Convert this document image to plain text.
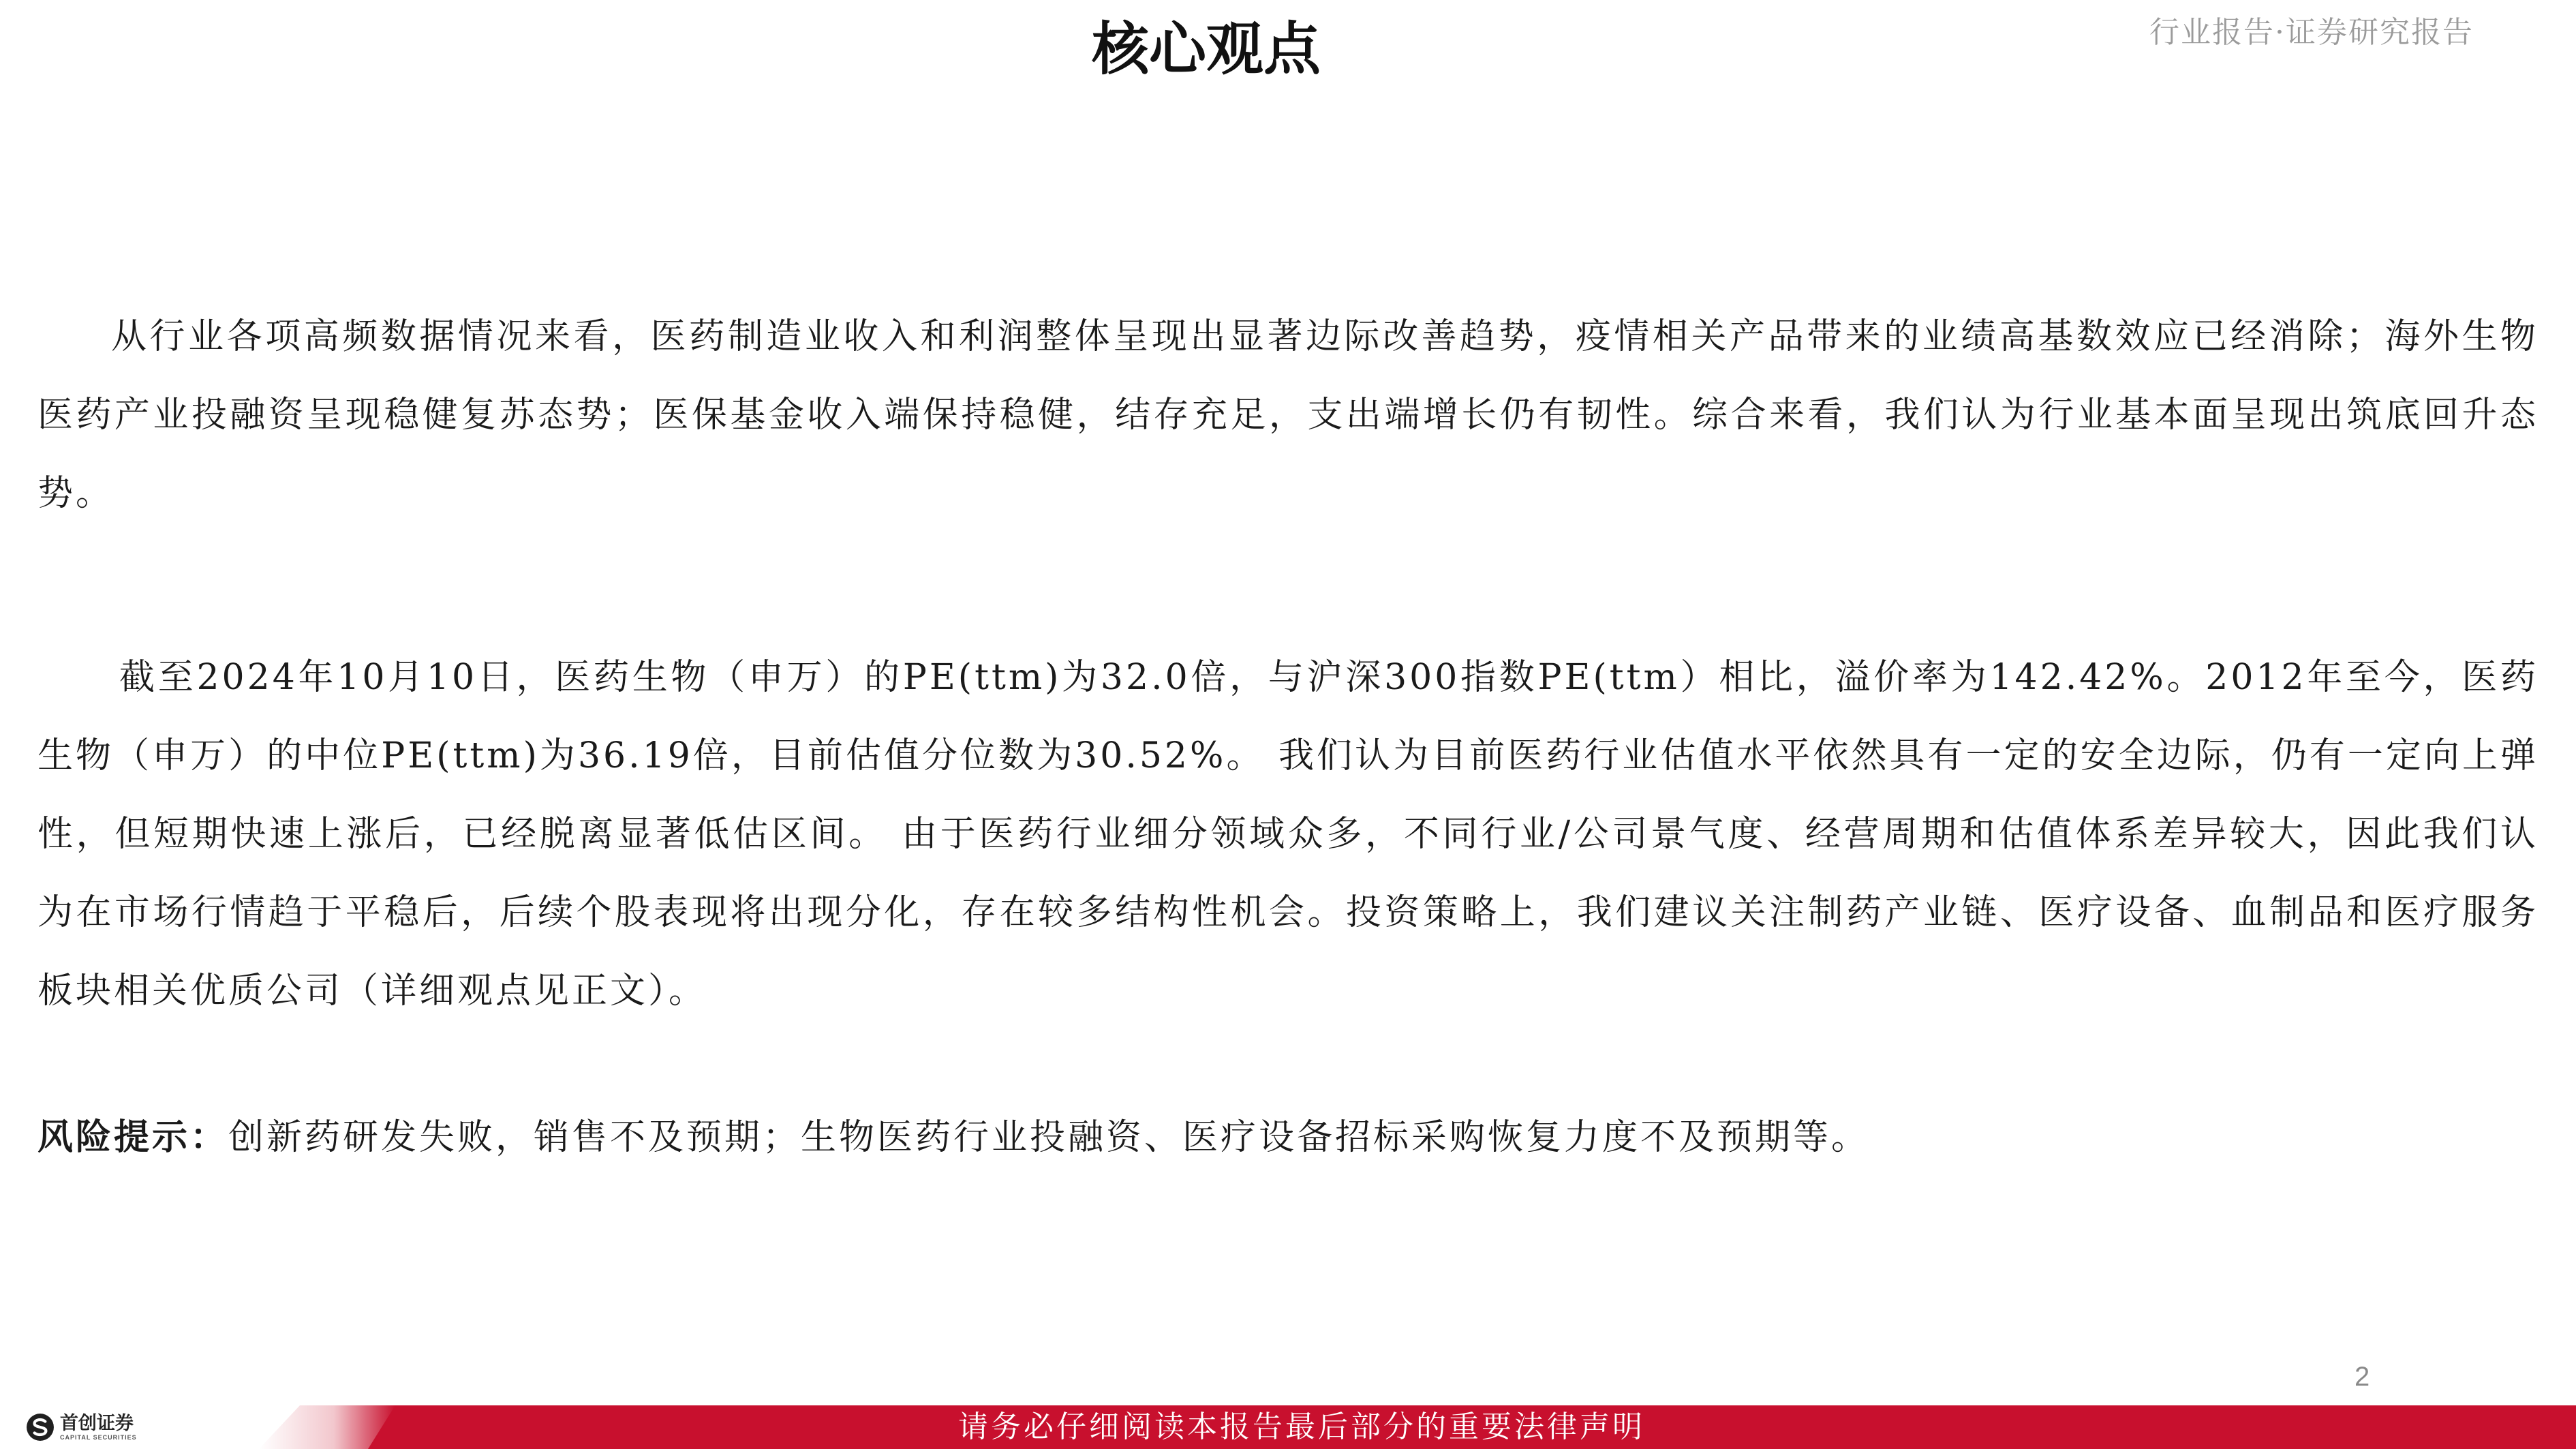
核心观点	行业报告·证券研究报告

从行业各项高频数据情况来看，医药制造业收入和利润整体呈现出显著边际改善趋势，疫情相关产品带来的业绩高基数效应已经消除；海外生物医药产业投融资呈现稳健复苏态势；医保基金收入端保持稳健，结存充足，支出端增长仍有韧性。综合来看，我们认为行业基本面呈现出筑底回升态势。

截至2024年10月10日，医药生物（申万）的PE(ttm)为32.0倍，与沪深300指数PE(ttm）相比，溢价率为142.42%。2012年至今，医药生物（申万）的中位PE(ttm)为36.19倍，目前估值分位数为30.52%。 我们认为目前医药行业估值水平依然具有一定的安全边际，仍有一定向上弹性，但短期快速上涨后，已经脱离显著低估区间。 由于医药行业细分领域众多，不同行业/公司景气度、经营周期和估值体系差异较大，因此我们认为在市场行情趋于平稳后，后续个股表现将出现分化，存在较多结构性机会。投资策略上，我们建议关注制药产业链、医疗设备、血制品和医疗服务板块相关优质公司（详细观点见正文）。

风险提示：创新药研发失败，销售不及预期；生物医药行业投融资、医疗设备招标采购恢复力度不及预期等。

2
首创证券
CAPITAL SECURITIES	请务必仔细阅读本报告最后部分的重要法律声明
